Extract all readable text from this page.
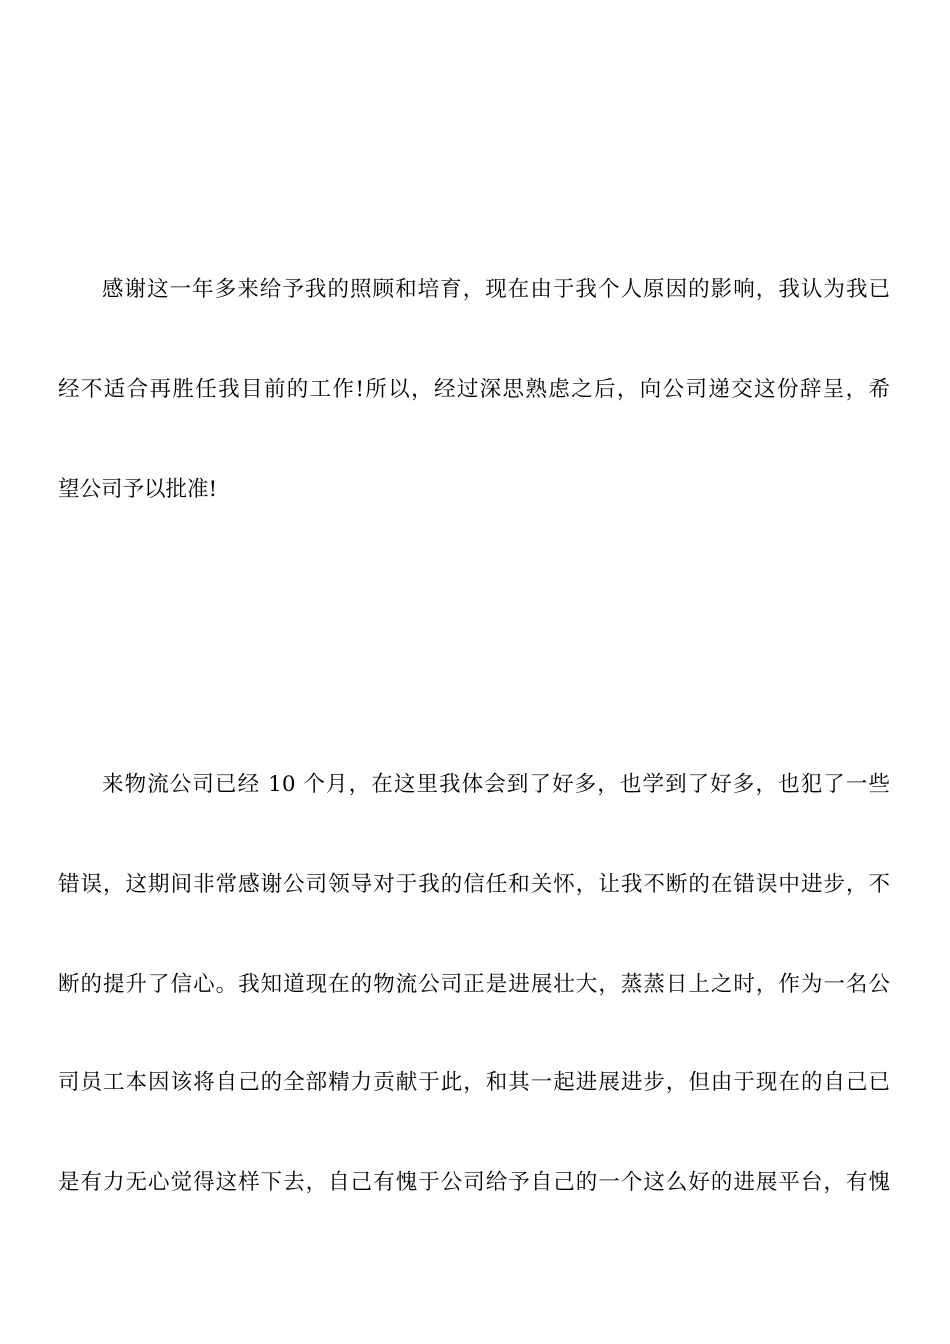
感谢这一年多来给予我的照顾和培育，现在由于我个人原因的影响，我认为我已
经不适合再胜任我目前的工作!所以，经过深思熟虑之后，向公司递交这份辞呈，希
望公司予以批准!
来物流公司已经 10 个月，在这里我体会到了好多，也学到了好多，也犯了一些
错误，这期间非常感谢公司领导对于我的信任和关怀，让我不断的在错误中进步，不
断的提升了信心。我知道现在的物流公司正是进展壮大，蒸蒸日上之时，作为一名公
司员工本因该将自己的全部精力贡献于此，和其一起进展进步，但由于现在的自己已
是有力无心觉得这样下去，自己有愧于公司给予自己的一个这么好的进展平台，有愧
